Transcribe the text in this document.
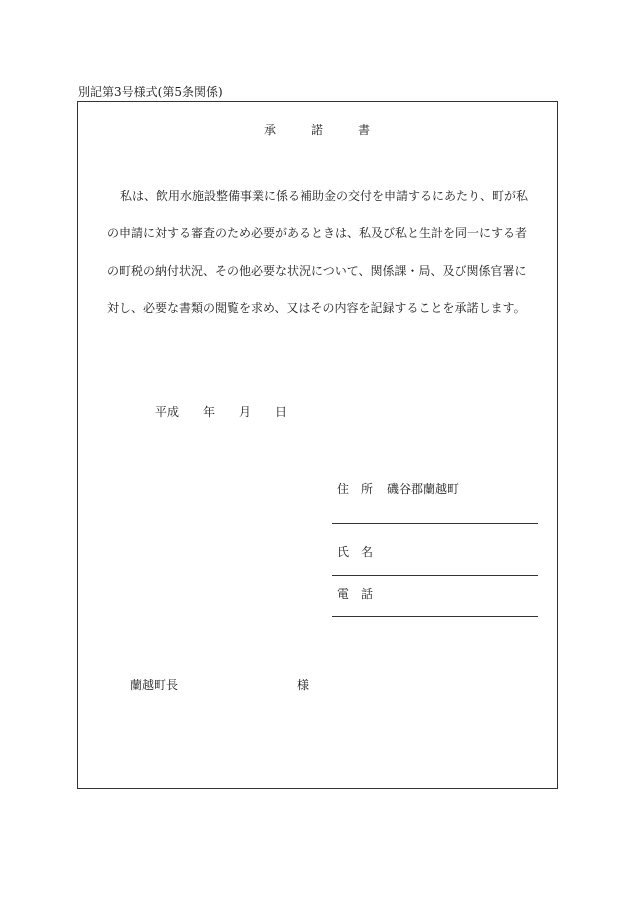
別記第3号様式(第5条関係)
承諾書
私は、飲用水施設整備事業に係る補助金の交付を申請するにあたり、町が私
の申請に対する審査のため必要があるときは、私及び私と生計を同一にする者
の町税の納付状況、その他必要な状況について、関係課・局、及び関係官署に
対し、必要な書類の閲覧を求め、又はその内容を記録することを承諾します。
平成　　年　　月　　日
住　所 磯谷郡蘭越町
氏　名
電　話
蘭越町長	様
